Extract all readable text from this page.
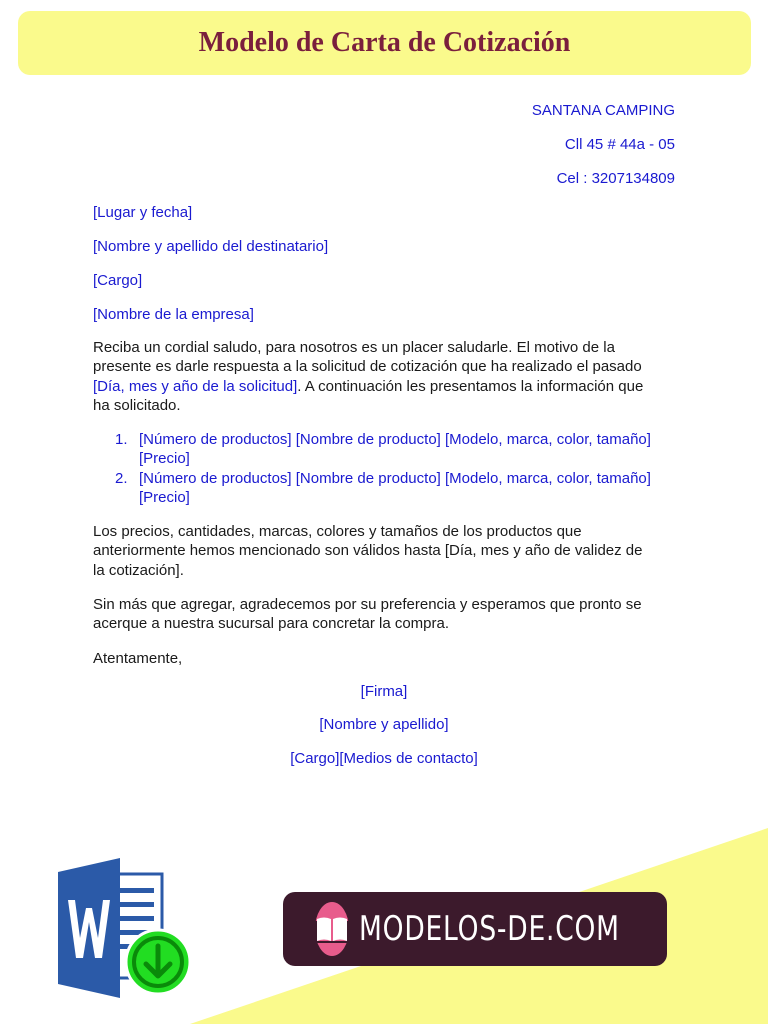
Modelo de Carta de Cotización
SANTANA CAMPING
Cll 45 # 44a - 05
Cel : 3207134809
[Lugar y fecha]
[Nombre y apellido del destinatario]
[Cargo]
[Nombre de la empresa]
Reciba un cordial saludo, para nosotros es un placer saludarle. El motivo de la
presente es darle respuesta a la solicitud de cotización que ha realizado el pasado
[Día, mes y año de la solicitud]. A continuación les presentamos la información que
ha solicitado.
1. [Número de productos] [Nombre de producto] [Modelo, marca, color, tamaño]
[Precio]
2. [Número de productos] [Nombre de producto] [Modelo, marca, color, tamaño]
[Precio]
Los precios, cantidades, marcas, colores y tamaños de los productos que
anteriormente hemos mencionado son válidos hasta [Día, mes y año de validez de
la cotización].
Sin más que agregar, agradecemos por su preferencia y esperamos que pronto se
acerque a nuestra sucursal para concretar la compra.
Atentamente,
[Firma]
[Nombre y apellido]
[Cargo][Medios de contacto]
MODELOS-DE.COM
